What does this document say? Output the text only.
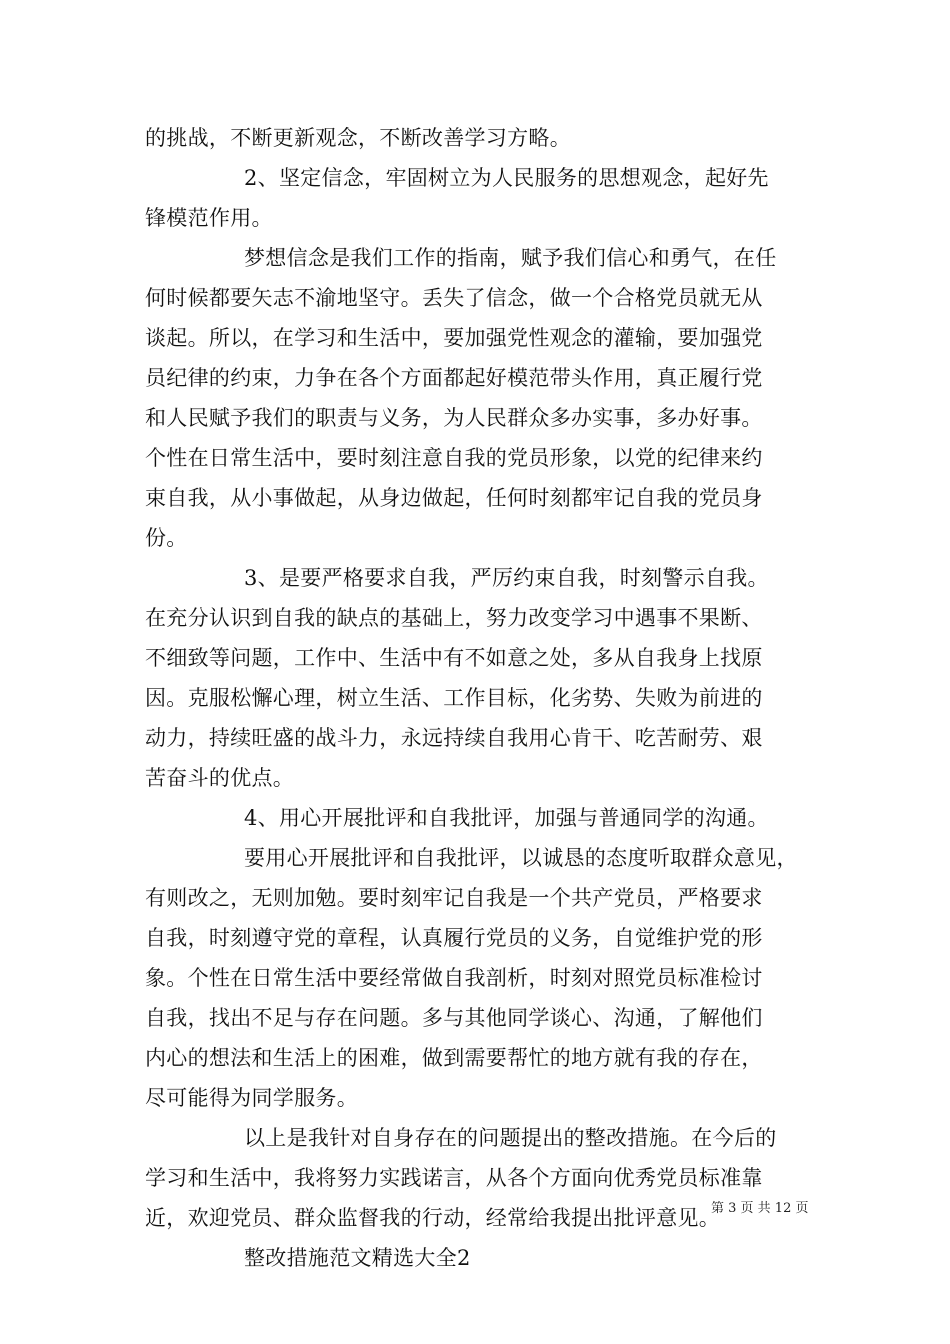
的挑战，不断更新观念，不断改善学习方略。
2、坚定信念，牢固树立为人民服务的思想观念，起好先
锋模范作用。
梦想信念是我们工作的指南，赋予我们信心和勇气，在任
何时候都要矢志不渝地坚守。丢失了信念，做一个合格党员就无从
谈起。所以，在学习和生活中，要加强党性观念的灌输，要加强党
员纪律的约束，力争在各个方面都起好模范带头作用，真正履行党
和人民赋予我们的职责与义务，为人民群众多办实事，多办好事。
个性在日常生活中，要时刻注意自我的党员形象，以党的纪律来约
束自我，从小事做起，从身边做起，任何时刻都牢记自我的党员身
份。
3、是要严格要求自我，严厉约束自我，时刻警示自我。
在充分认识到自我的缺点的基础上，努力改变学习中遇事不果断、
不细致等问题，工作中、生活中有不如意之处，多从自我身上找原
因。克服松懈心理，树立生活、工作目标，化劣势、失败为前进的
动力，持续旺盛的战斗力，永远持续自我用心肯干、吃苦耐劳、艰
苦奋斗的优点。
4、用心开展批评和自我批评，加强与普通同学的沟通。
要用心开展批评和自我批评，以诚恳的态度听取群众意见，
有则改之，无则加勉。要时刻牢记自我是一个共产党员，严格要求
自我，时刻遵守党的章程，认真履行党员的义务，自觉维护党的形
象。个性在日常生活中要经常做自我剖析，时刻对照党员标准检讨
自我，找出不足与存在问题。多与其他同学谈心、沟通，了解他们
内心的想法和生活上的困难，做到需要帮忙的地方就有我的存在，
尽可能得为同学服务。
以上是我针对自身存在的问题提出的整改措施。在今后的
学习和生活中，我将努力实践诺言，从各个方面向优秀党员标准靠
近，欢迎党员、群众监督我的行动，经常给我提出批评意见。
整改措施范文精选大全2
第 3 页 共 12 页
